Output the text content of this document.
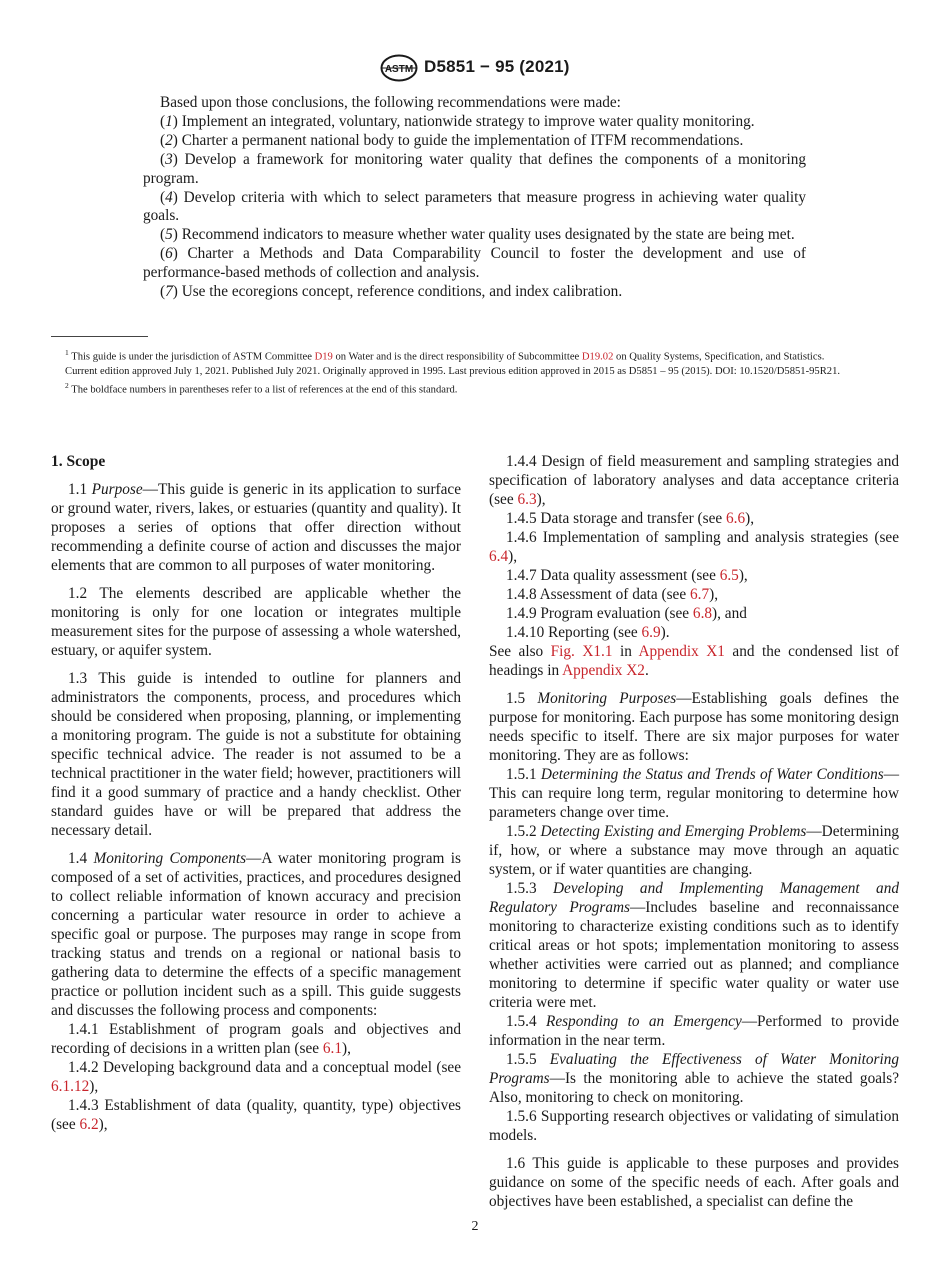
ASTM D5851 − 95 (2021)

Based upon those conclusions, the following recommendations were made:

(1) Implement an integrated, voluntary, nationwide strategy to improve water quality monitoring.

(2) Charter a permanent national body to guide the implementation of ITFM recommendations.

(3) Develop a framework for monitoring water quality that defines the components of a monitoring program.

(4) Develop criteria with which to select parameters that measure progress in achieving water quality goals.

(5) Recommend indicators to measure whether water quality uses designated by the state are being met.

(6) Charter a Methods and Data Comparability Council to foster the development and use of performance-based methods of collection and analysis.

(7) Use the ecoregions concept, reference conditions, and index calibration.

$^1$ This guide is under the jurisdiction of ASTM Committee D19 on Water and is the direct responsibility of Subcommittee D19.02 on Quality Systems, Specification, and Statistics.

Current edition approved July 1, 2021. Published July 2021. Originally approved in 1995. Last previous edition approved in 2015 as D5851 – 95 (2015). DOI: 10.1520/D5851-95R21.

$^2$ The boldface numbers in parentheses refer to a list of references at the end of this standard.

1. Scope

1.1 Purpose—This guide is generic in its application to surface or ground water, rivers, lakes, or estuaries (quantity and quality). It proposes a series of options that offer direction without recommending a definite course of action and discusses the major elements that are common to all purposes of water monitoring.

1.2 The elements described are applicable whether the monitoring is only for one location or integrates multiple measurement sites for the purpose of assessing a whole watershed, estuary, or aquifer system.

1.3 This guide is intended to outline for planners and administrators the components, process, and procedures which should be considered when proposing, planning, or implementing a monitoring program. The guide is not a substitute for obtaining specific technical advice. The reader is not assumed to be a technical practitioner in the water field; however, practitioners will find it a good summary of practice and a handy checklist. Other standard guides have or will be prepared that address the necessary detail.

1.4 Monitoring Components—A water monitoring program is composed of a set of activities, practices, and procedures designed to collect reliable information of known accuracy and precision concerning a particular water resource in order to achieve a specific goal or purpose. The purposes may range in scope from tracking status and trends on a regional or national basis to gathering data to determine the effects of a specific management practice or pollution incident such as a spill. This guide suggests and discusses the following process and components:

1.4.1 Establishment of program goals and objectives and recording of decisions in a written plan (see 6.1),

1.4.2 Developing background data and a conceptual model (see 6.1.12),

1.4.3 Establishment of data (quality, quantity, type) objectives (see 6.2),

1.4.4 Design of field measurement and sampling strategies and specification of laboratory analyses and data acceptance criteria (see 6.3),

1.4.5 Data storage and transfer (see 6.6),

1.4.6 Implementation of sampling and analysis strategies (see 6.4),

1.4.7 Data quality assessment (see 6.5),

1.4.8 Assessment of data (see 6.7),

1.4.9 Program evaluation (see 6.8), and

1.4.10 Reporting (see 6.9).

See also Fig. X1.1 in Appendix X1 and the condensed list of headings in Appendix X2.

1.5 Monitoring Purposes—Establishing goals defines the purpose for monitoring. Each purpose has some monitoring design needs specific to itself. There are six major purposes for water monitoring. They are as follows:

1.5.1 Determining the Status and Trends of Water Conditions—This can require long term, regular monitoring to determine how parameters change over time.

1.5.2 Detecting Existing and Emerging Problems—Determining if, how, or where a substance may move through an aquatic system, or if water quantities are changing.

1.5.3 Developing and Implementing Management and Regulatory Programs—Includes baseline and reconnaissance monitoring to characterize existing conditions such as to identify critical areas or hot spots; implementation monitoring to assess whether activities were carried out as planned; and compliance monitoring to determine if specific water quality or water use criteria were met.

1.5.4 Responding to an Emergency—Performed to provide information in the near term.

1.5.5 Evaluating the Effectiveness of Water Monitoring Programs—Is the monitoring able to achieve the stated goals? Also, monitoring to check on monitoring.

1.5.6 Supporting research objectives or validating of simulation models.

1.6 This guide is applicable to these purposes and provides guidance on some of the specific needs of each. After goals and objectives have been established, a specialist can define the

2
